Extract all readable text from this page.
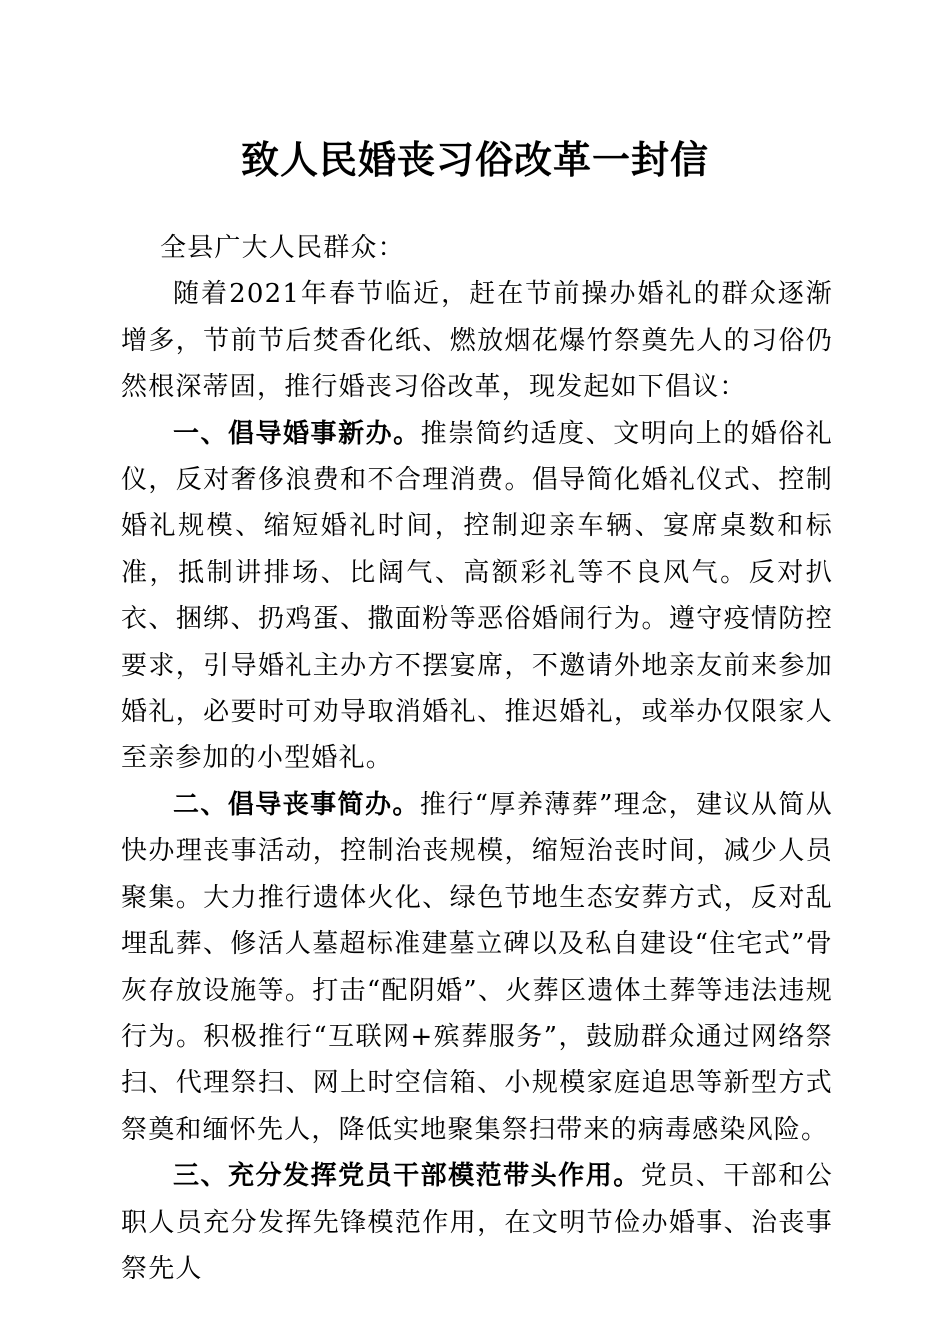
致人民婚丧习俗改革一封信

全县广大人民群众：

随着2021年春节临近，赶在节前操办婚礼的群众逐渐增多，节前节后焚香化纸、燃放烟花爆竹祭奠先人的习俗仍然根深蒂固，推行婚丧习俗改革，现发起如下倡议：

一、倡导婚事新办。推崇简约适度、文明向上的婚俗礼仪，反对奢侈浪费和不合理消费。倡导简化婚礼仪式、控制婚礼规模、缩短婚礼时间，控制迎亲车辆、宴席桌数和标准，抵制讲排场、比阔气、高额彩礼等不良风气。反对扒衣、捆绑、扔鸡蛋、撒面粉等恶俗婚闹行为。遵守疫情防控要求，引导婚礼主办方不摆宴席，不邀请外地亲友前来参加婚礼，必要时可劝导取消婚礼、推迟婚礼，或举办仅限家人至亲参加的小型婚礼。

二、倡导丧事简办。推行“厚养薄葬”理念，建议从简从快办理丧事活动，控制治丧规模，缩短治丧时间，减少人员聚集。大力推行遗体火化、绿色节地生态安葬方式，反对乱埋乱葬、修活人墓超标准建墓立碑以及私自建设“住宅式”骨灰存放设施等。打击“配阴婚”、火葬区遗体土葬等违法违规行为。积极推行“互联网+殡葬服务”，鼓励群众通过网络祭扫、代理祭扫、网上时空信箱、小规模家庭追思等新型方式祭奠和缅怀先人，降低实地聚集祭扫带来的病毒感染风险。

三、充分发挥党员干部模范带头作用。党员、干部和公职人员充分发挥先锋模范作用，在文明节俭办婚事、治丧事祭先人
